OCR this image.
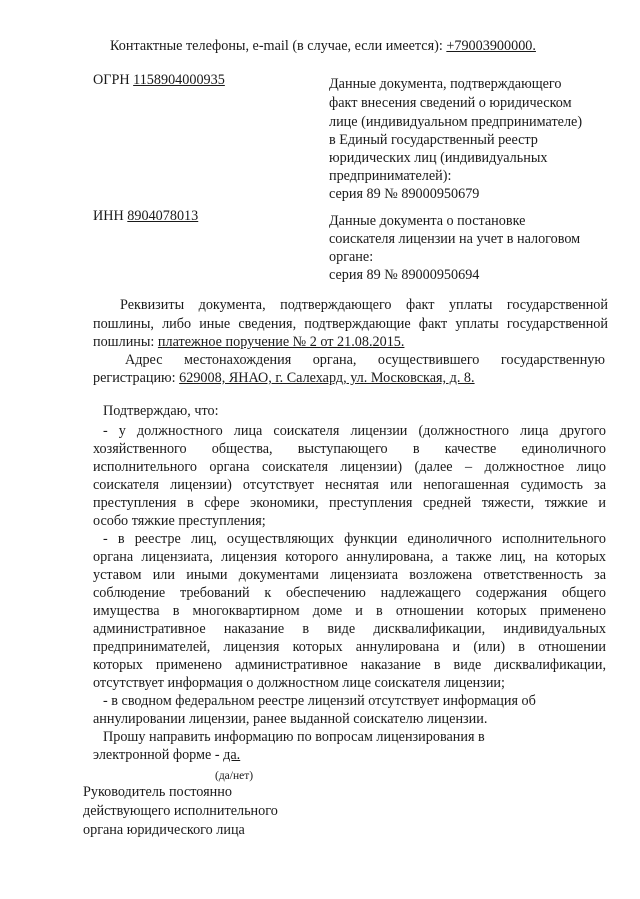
Контактные телефоны, e-mail (в случае, если имеется): +79003900000.
ОГРН 1158904000935	Данные документа, подтверждающего
факт внесения сведений о юридическом
лице (индивидуальном предпринимателе)
в Единый государственный реестр
юридических лиц (индивидуальных
предпринимателей):
серия 89 № 89000950679
ИНН 8904078013	Данные документа о постановке
соискателя лицензии на учет в налоговом
органе:
серия 89 № 89000950694
Реквизиты документа, подтверждающего факт уплаты государственной
пошлины, либо иные сведения, подтверждающие факт уплаты государственной
пошлины: платежное поручение № 2 от 21.08.2015.
Адрес местонахождения органа, осуществившего государственную
регистрацию: 629008, ЯНАО, г. Салехард, ул. Московская, д. 8.
Подтверждаю, что:
- у должностного лица соискателя лицензии (должностного лица другого
хозяйственного общества, выступающего в качестве единоличного
исполнительного органа соискателя лицензии) (далее – должностное лицо
соискателя лицензии) отсутствует неснятая или непогашенная судимость за
преступления в сфере экономики, преступления средней тяжести, тяжкие и
особо тяжкие преступления;
- в реестре лиц, осуществляющих функции единоличного исполнительного
органа лицензиата, лицензия которого аннулирована, а также лиц, на которых
уставом или иными документами лицензиата возложена ответственность за
соблюдение требований к обеспечению надлежащего содержания общего
имущества в многоквартирном доме и в отношении которых применено
административное наказание в виде дисквалификации, индивидуальных
предпринимателей, лицензия которых аннулирована и (или) в отношении
которых применено административное наказание в виде дисквалификации,
отсутствует информация о должностном лице соискателя лицензии;
- в сводном федеральном реестре лицензий отсутствует информация об
аннулировании лицензии, ранее выданной соискателю лицензии.
Прошу направить информацию по вопросам лицензирования в
электронной форме - да.
(да/нет)
Руководитель постоянно
действующего исполнительного
органа юридического лица
